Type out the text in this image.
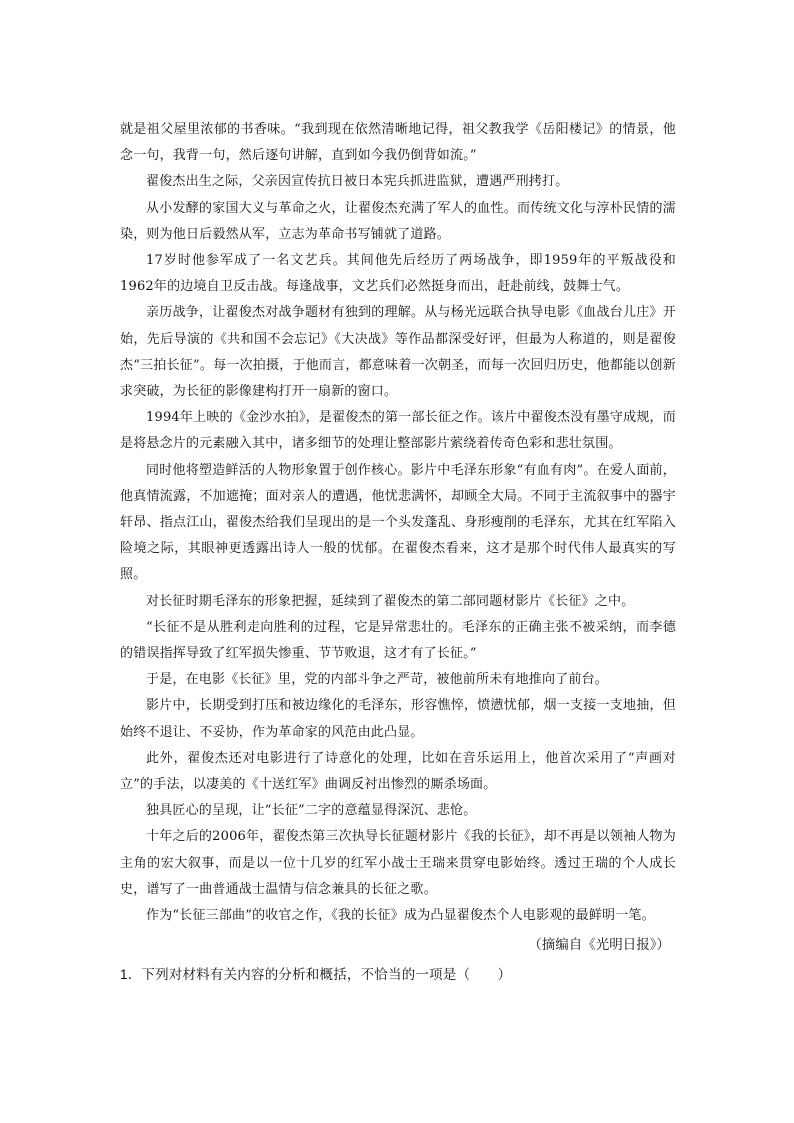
就是祖父屋里浓郁的书香味。“我到现在依然清晰地记得，祖父教我学《岳阳楼记》的情景，他念一句，我背一句，然后逐句讲解，直到如今我仍倒背如流。”

翟俊杰出生之际，父亲因宣传抗日被日本宪兵抓进监狱，遭遇严刑拷打。

从小发酵的家国大义与革命之火，让翟俊杰充满了军人的血性。而传统文化与淳朴民情的濡染，则为他日后毅然从军，立志为革命书写铺就了道路。

17岁时他参军成了一名文艺兵。其间他先后经历了两场战争，即1959年的平叛战役和1962年的边境自卫反击战。每逢战事，文艺兵们必然挺身而出，赶赴前线，鼓舞士气。

亲历战争，让翟俊杰对战争题材有独到的理解。从与杨光远联合执导电影《血战台儿庄》开始，先后导演的《共和国不会忘记》《大决战》等作品都深受好评，但最为人称道的，则是翟俊杰“三拍长征”。每一次拍摄，于他而言，都意味着一次朝圣，而每一次回归历史，他都能以创新求突破，为长征的影像建构打开一扇新的窗口。

1994年上映的《金沙水拍》，是翟俊杰的第一部长征之作。该片中翟俊杰没有墨守成规，而是将悬念片的元素融入其中，诸多细节的处理让整部影片萦绕着传奇色彩和悲壮氛围。

同时他将塑造鲜活的人物形象置于创作核心。影片中毛泽东形象“有血有肉”。在爱人面前，他真情流露，不加遮掩；面对亲人的遭遇，他忧悲满怀，却顾全大局。不同于主流叙事中的器宇轩昂、指点江山，翟俊杰给我们呈现出的是一个头发蓬乱、身形瘦削的毛泽东，尤其在红军陷入险境之际，其眼神更透露出诗人一般的忧郁。在翟俊杰看来，这才是那个时代伟人最真实的写照。

对长征时期毛泽东的形象把握，延续到了翟俊杰的第二部同题材影片《长征》之中。

“长征不是从胜利走向胜利的过程，它是异常悲壮的。毛泽东的正确主张不被采纳，而李德的错误指挥导致了红军损失惨重、节节败退，这才有了长征。”

于是，在电影《长征》里，党的内部斗争之严苛，被他前所未有地推向了前台。

影片中，长期受到打压和被边缘化的毛泽东，形容憔悴，愤懑忧郁，烟一支接一支地抽，但始终不退让、不妥协，作为革命家的风范由此凸显。

此外，翟俊杰还对电影进行了诗意化的处理，比如在音乐运用上，他首次采用了“声画对立”的手法，以凄美的《十送红军》曲调反衬出惨烈的厮杀场面。

独具匠心的呈现，让“长征”二字的意蕴显得深沉、悲怆。

十年之后的2006年，翟俊杰第三次执导长征题材影片《我的长征》，却不再是以领袖人物为主角的宏大叙事，而是以一位十几岁的红军小战士王瑞来贯穿电影始终。透过王瑞的个人成长史，谱写了一曲普通战士温情与信念兼具的长征之歌。

作为“长征三部曲”的收官之作，《我的长征》成为凸显翟俊杰个人电影观的最鲜明一笔。

（摘编自《光明日报》）

1．下列对材料有关内容的分析和概括，不恰当的一项是（　　）
